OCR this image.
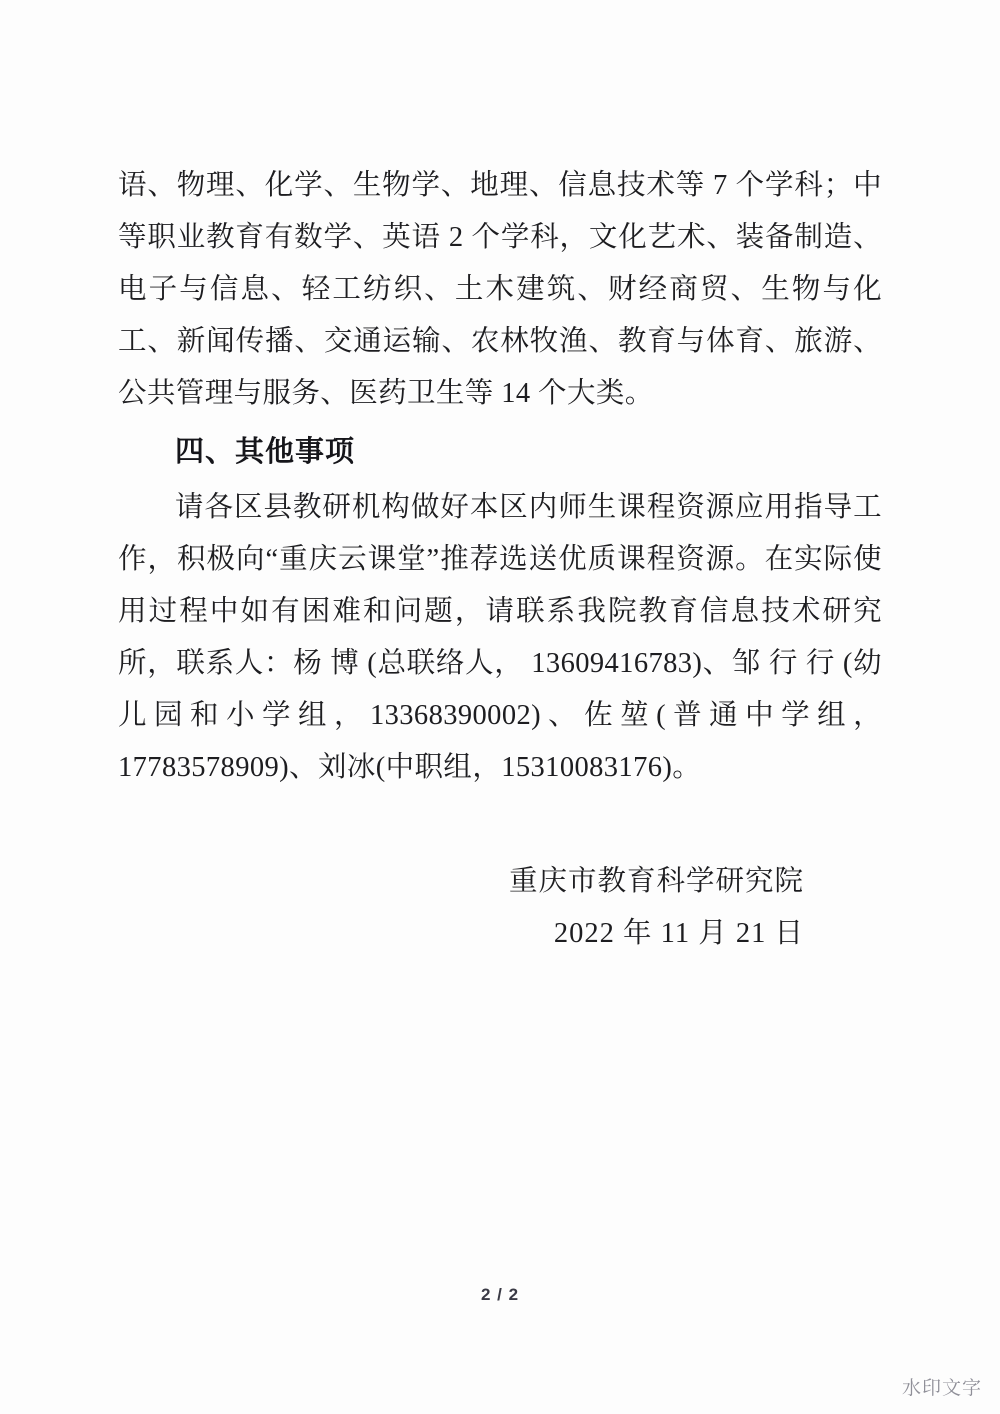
语、物理、化学、生物学、地理、信息技术等 7 个学科；中等职业教育有数学、英语 2 个学科，文化艺术、装备制造、电子与信息、轻工纺织、土木建筑、财经商贸、生物与化工、新闻传播、交通运输、农林牧渔、教育与体育、旅游、公共管理与服务、医药卫生等 14 个大类。

四、其他事项

请各区县教研机构做好本区内师生课程资源应用指导工作，积极向“重庆云课堂”推荐选送优质课程资源。在实际使用过程中如有困难和问题，请联系我院教育信息技术研究所，联系人：杨 博 (总联络人， 13609416783)、邹 行 行 (幼儿园和小学组，13368390002)、佐堃(普通中学组，17783578909)、刘冰(中职组，15310083176)。

重庆市教育科学研究院
2022 年 11 月 21 日
2 / 2
水印文字
